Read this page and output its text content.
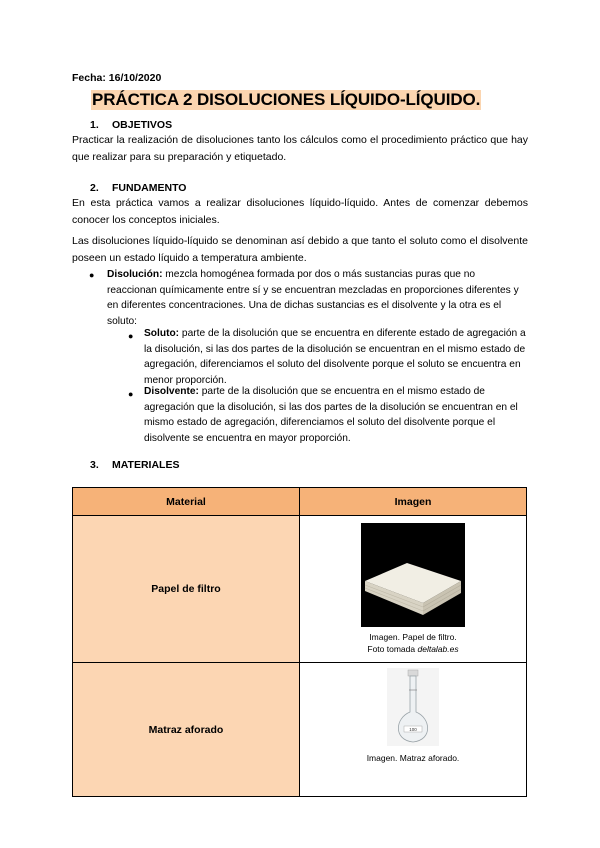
Fecha: 16/10/2020
PRÁCTICA 2 DISOLUCIONES LÍQUIDO-LÍQUIDO.
1. OBJETIVOS
Practicar la realización de disoluciones tanto los cálculos como el procedimiento práctico que hay que realizar para su preparación y etiquetado.
2. FUNDAMENTO
En esta práctica vamos a realizar disoluciones líquido-líquido. Antes de comenzar debemos conocer los conceptos iniciales.
Las disoluciones líquido-líquido se denominan así debido a que tanto el soluto como el disolvente poseen un estado líquido a temperatura ambiente.
● Disolución: mezcla homogénea formada por dos o más sustancias puras que no reaccionan químicamente entre sí y se encuentran mezcladas en proporciones diferentes y en diferentes concentraciones. Una de dichas sustancias es el disolvente y la otra es el soluto:
● Soluto: parte de la disolución que se encuentra en diferente estado de agregación a la disolución, si las dos partes de la disolución se encuentran en el mismo estado de agregación, diferenciamos el soluto del disolvente porque el soluto se encuentra en menor proporción.
● Disolvente: parte de la disolución que se encuentra en el mismo estado de agregación que la disolución, si las dos partes de la disolución se encuentran en el mismo estado de agregación, diferenciamos el soluto del disolvente porque el disolvente se encuentra en mayor proporción.
3. MATERIALES
Material	Imagen
Papel de filtro	Imagen. Papel de filtro.
Foto tomada deltalab.es

Matraz aforado	100
Imagen. Matraz aforado.
